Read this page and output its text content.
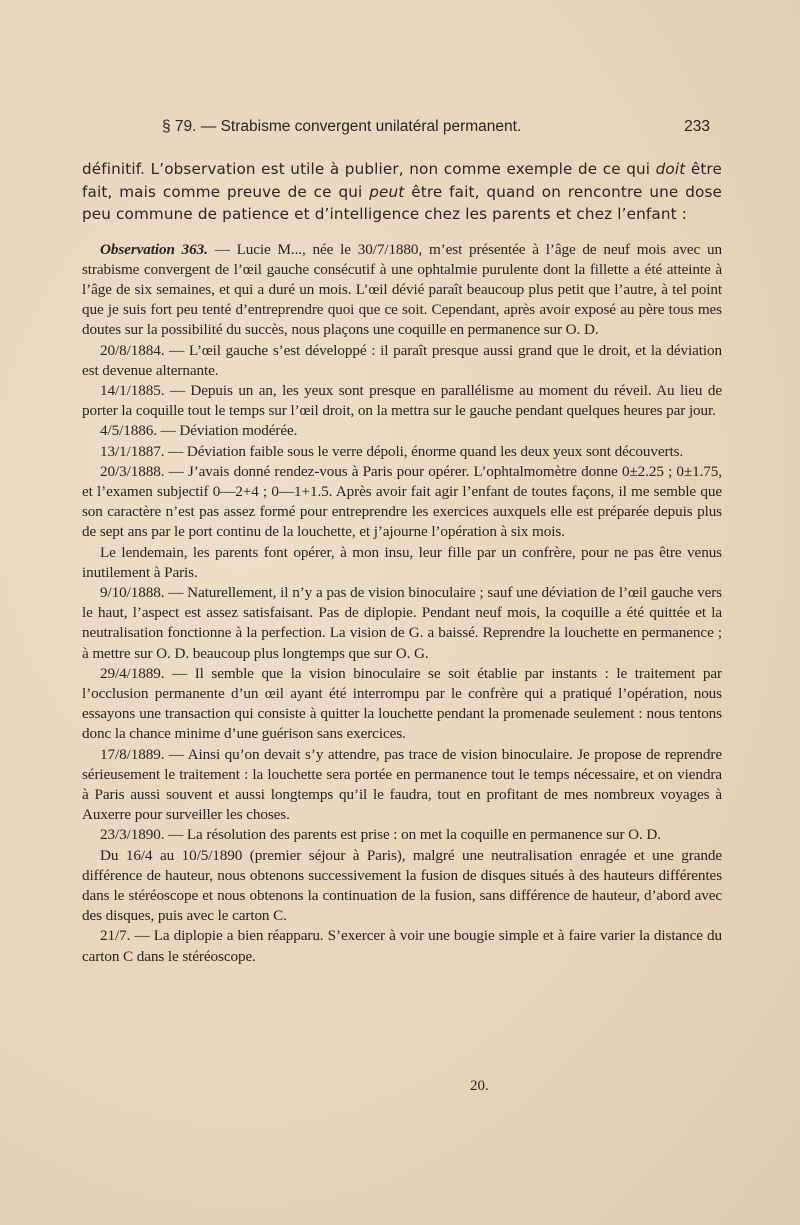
§ 79. — Strabisme convergent unilatéral permanent.	233

définitif. L’observation est utile à publier, non comme exemple de ce qui doit être fait, mais comme preuve de ce qui peut être fait, quand on rencontre une dose peu commune de patience et d’intelligence chez les parents et chez l’enfant :

Observation 363. — Lucie M..., née le 30/7/1880, m’est présentée à l’âge de neuf mois avec un strabisme convergent de l’œil gauche consécutif à une ophtalmie purulente dont la fillette a été atteinte à l’âge de six semaines, et qui a duré un mois. L’œil dévié paraît beaucoup plus petit que l’autre, à tel point que je suis fort peu tenté d’entreprendre quoi que ce soit. Cependant, après avoir exposé au père tous mes doutes sur la possibilité du succès, nous plaçons une coquille en permanence sur O. D.

20/8/1884. — L’œil gauche s’est développé : il paraît presque aussi grand que le droit, et la déviation est devenue alternante.

14/1/1885. — Depuis un an, les yeux sont presque en parallélisme au moment du réveil. Au lieu de porter la coquille tout le temps sur l’œil droit, on la mettra sur le gauche pendant quelques heures par jour.

4/5/1886. — Déviation modérée.

13/1/1887. — Déviation faible sous le verre dépoli, énorme quand les deux yeux sont découverts.

20/3/1888. — J’avais donné rendez-vous à Paris pour opérer. L’ophtalmomètre donne 0±2.25 ; 0±1.75, et l’examen subjectif 0—2+4 ; 0—1+1.5. Après avoir fait agir l’enfant de toutes façons, il me semble que son caractère n’est pas assez formé pour entreprendre les exercices auxquels elle est préparée depuis plus de sept ans par le port continu de la louchette, et j’ajourne l’opération à six mois.

Le lendemain, les parents font opérer, à mon insu, leur fille par un confrère, pour ne pas être venus inutilement à Paris.

9/10/1888. — Naturellement, il n’y a pas de vision binoculaire ; sauf une déviation de l’œil gauche vers le haut, l’aspect est assez satisfaisant. Pas de diplopie. Pendant neuf mois, la coquille a été quittée et la neutralisation fonctionne à la perfection. La vision de G. a baissé. Reprendre la louchette en permanence ; à mettre sur O. D. beaucoup plus longtemps que sur O. G.

29/4/1889. — Il semble que la vision binoculaire se soit établie par instants : le traitement par l’occlusion permanente d’un œil ayant été interrompu par le confrère qui a pratiqué l’opération, nous essayons une transaction qui consiste à quitter la louchette pendant la promenade seulement : nous tentons donc la chance minime d’une guérison sans exercices.

17/8/1889. — Ainsi qu’on devait s’y attendre, pas trace de vision binoculaire. Je propose de reprendre sérieusement le traitement : la louchette sera portée en permanence tout le temps nécessaire, et on viendra à Paris aussi souvent et aussi longtemps qu’il le faudra, tout en profitant de mes nombreux voyages à Auxerre pour surveiller les choses.

23/3/1890. — La résolution des parents est prise : on met la coquille en permanence sur O. D.

Du 16/4 au 10/5/1890 (premier séjour à Paris), malgré une neutralisation enragée et une grande différence de hauteur, nous obtenons successivement la fusion de disques situés à des hauteurs différentes dans le stéréoscope et nous obtenons la continuation de la fusion, sans différence de hauteur, d’abord avec des disques, puis avec le carton C.

21/7. — La diplopie a bien réapparu. S’exercer à voir une bougie simple et à faire varier la distance du carton C dans le stéréoscope.

20.
